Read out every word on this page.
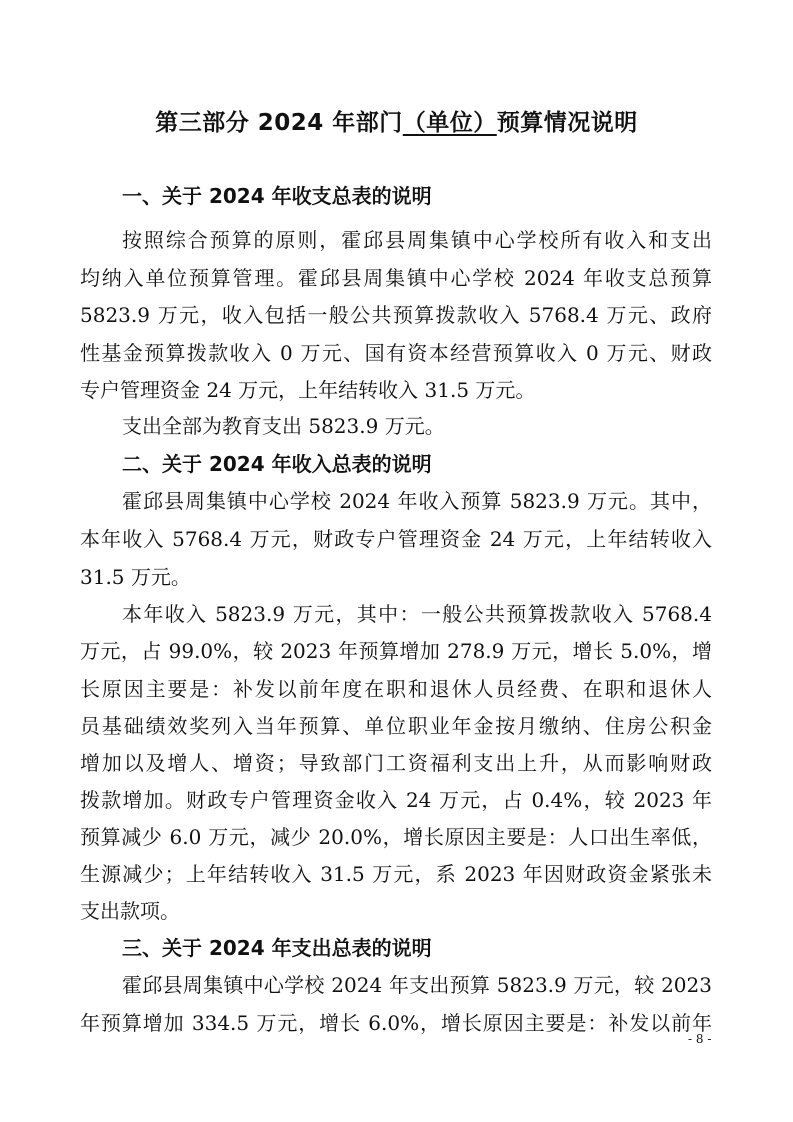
第三部分 2024 年部门（单位）预算情况说明
一、关于 2024 年收支总表的说明
按照综合预算的原则，霍邱县周集镇中心学校所有收入和支出
均纳入单位预算管理。霍邱县周集镇中心学校 2024 年收支总预算
5823.9 万元，收入包括一般公共预算拨款收入 5768.4 万元、政府
性基金预算拨款收入 0 万元、国有资本经营预算收入 0 万元、财政
专户管理资金 24 万元，上年结转收入 31.5 万元。
支出全部为教育支出 5823.9 万元。
二、关于 2024 年收入总表的说明
霍邱县周集镇中心学校 2024 年收入预算 5823.9 万元。其中，
本年收入 5768.4 万元，财政专户管理资金 24 万元，上年结转收入
31.5 万元。
本年收入 5823.9 万元，其中：一般公共预算拨款收入 5768.4
万元，占 99.0%，较 2023 年预算增加 278.9 万元，增长 5.0%，增
长原因主要是：补发以前年度在职和退休人员经费、在职和退休人
员基础绩效奖列入当年预算、单位职业年金按月缴纳、住房公积金
增加以及增人、增资；导致部门工资福利支出上升，从而影响财政
拨款增加。财政专户管理资金收入 24 万元，占 0.4%，较 2023 年
预算减少 6.0 万元，减少 20.0%，增长原因主要是：人口出生率低，
生源减少；上年结转收入 31.5 万元，系 2023 年因财政资金紧张未
支出款项。
三、关于 2024 年支出总表的说明
霍邱县周集镇中心学校 2024 年支出预算 5823.9 万元，较 2023
年预算增加 334.5 万元，增长 6.0%，增长原因主要是：补发以前年
- 8 -
